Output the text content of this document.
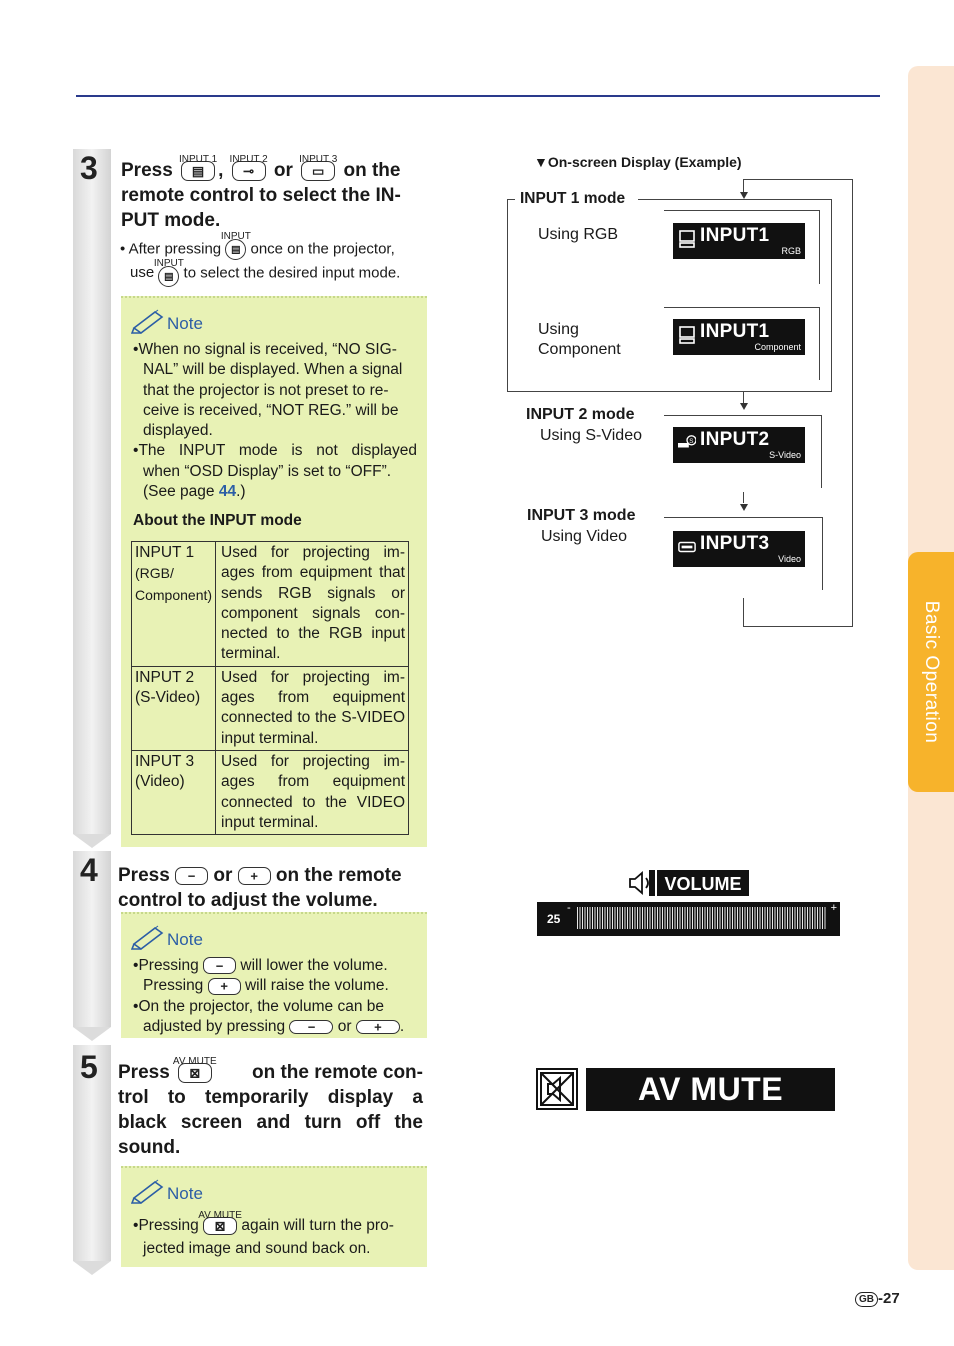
Basic Operation
3 Press
INPUT 1
▤ ,
INPUT 2
⊸ or
INPUT 3
▭ on the
remote control to select the IN-
PUT mode.
• After pressing
INPUT
▤ once on the projector,
use
INPUT
▤ to select the desired input mode.
Note
•When no signal is received, “NO SIG-
NAL” will be displayed. When a signal
that the projector is not preset to re-
ceive is received, “NOT REG.” will be
displayed.
•The INPUT mode is not displayed
when “OSD Display” is set to “OFF”.
(See page 44.)
About the INPUT mode
INPUT 1
(RGB/
Component)	Used for projecting im-ages from equipment that sends RGB signals or component signals con-nected to the RGB input terminal.
INPUT 2
(S-Video)	Used for projecting im-ages from equipment connected to the S-VIDEO input terminal.
INPUT 3
(Video)	Used for projecting im-ages from equipment connected to the VIDEO input terminal.
4 Press − or + on the remote
control to adjust the volume.
Note
•Pressing − will lower the volume.
Pressing + will raise the volume.
•On the projector, the volume can be
adjusted by pressing − or + .
5 Press
AV MUTE
⊠	on the remote con-
trol to temporarily display a
black screen and turn off the
sound.
Note
•Pressing
AV MUTE
⊠ again will turn the pro-
jected image and sound back on.
▼On-screen Display (Example)
INPUT 1 mode
Using RGB	INPUT1
RGB
Using
Component
INPUT1
Component
INPUT 2 mode
Using S-Video	S INPUT2
S-Video
INPUT 3 mode
Using Video	INPUT3
Video
VOLUME
25
-	+
AV MUTE
GB -27
